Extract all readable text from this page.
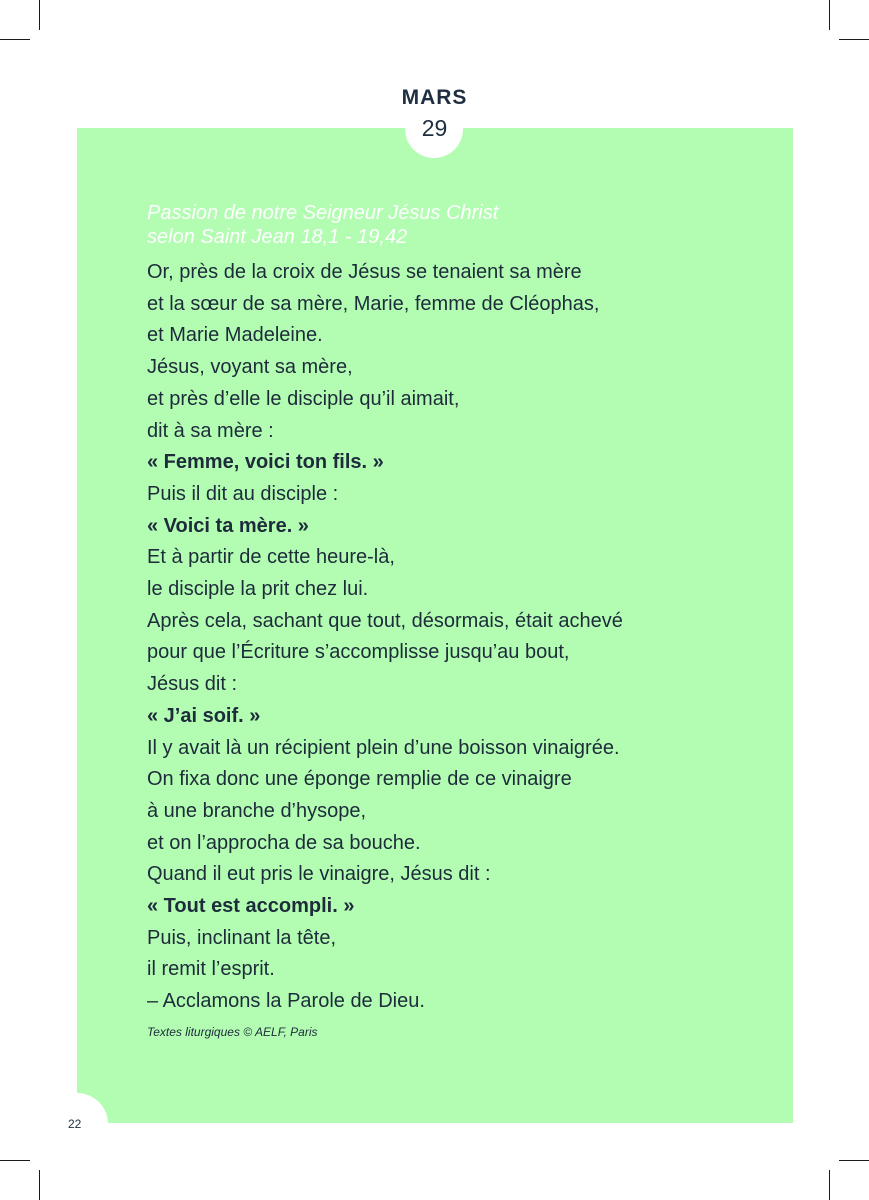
MARS
29
Passion de notre Seigneur Jésus Christ
selon Saint Jean 18,1 - 19,42
Or, près de la croix de Jésus se tenaient sa mère
et la sœur de sa mère, Marie, femme de Cléophas,
et Marie Madeleine.
Jésus, voyant sa mère,
et près d’elle le disciple qu’il aimait,
dit à sa mère :
« Femme, voici ton fils. »
Puis il dit au disciple :
« Voici ta mère. »
Et à partir de cette heure-là,
le disciple la prit chez lui.
Après cela, sachant que tout, désormais, était achevé
pour que l’Écriture s’accomplisse jusqu’au bout,
Jésus dit :
« J’ai soif. »
Il y avait là un récipient plein d’une boisson vinaigrée.
On fixa donc une éponge remplie de ce vinaigre
à une branche d’hysope,
et on l’approcha de sa bouche.
Quand il eut pris le vinaigre, Jésus dit :
« Tout est accompli. »
Puis, inclinant la tête,
il remit l’esprit.
– Acclamons la Parole de Dieu.
Textes liturgiques © AELF, Paris
22
